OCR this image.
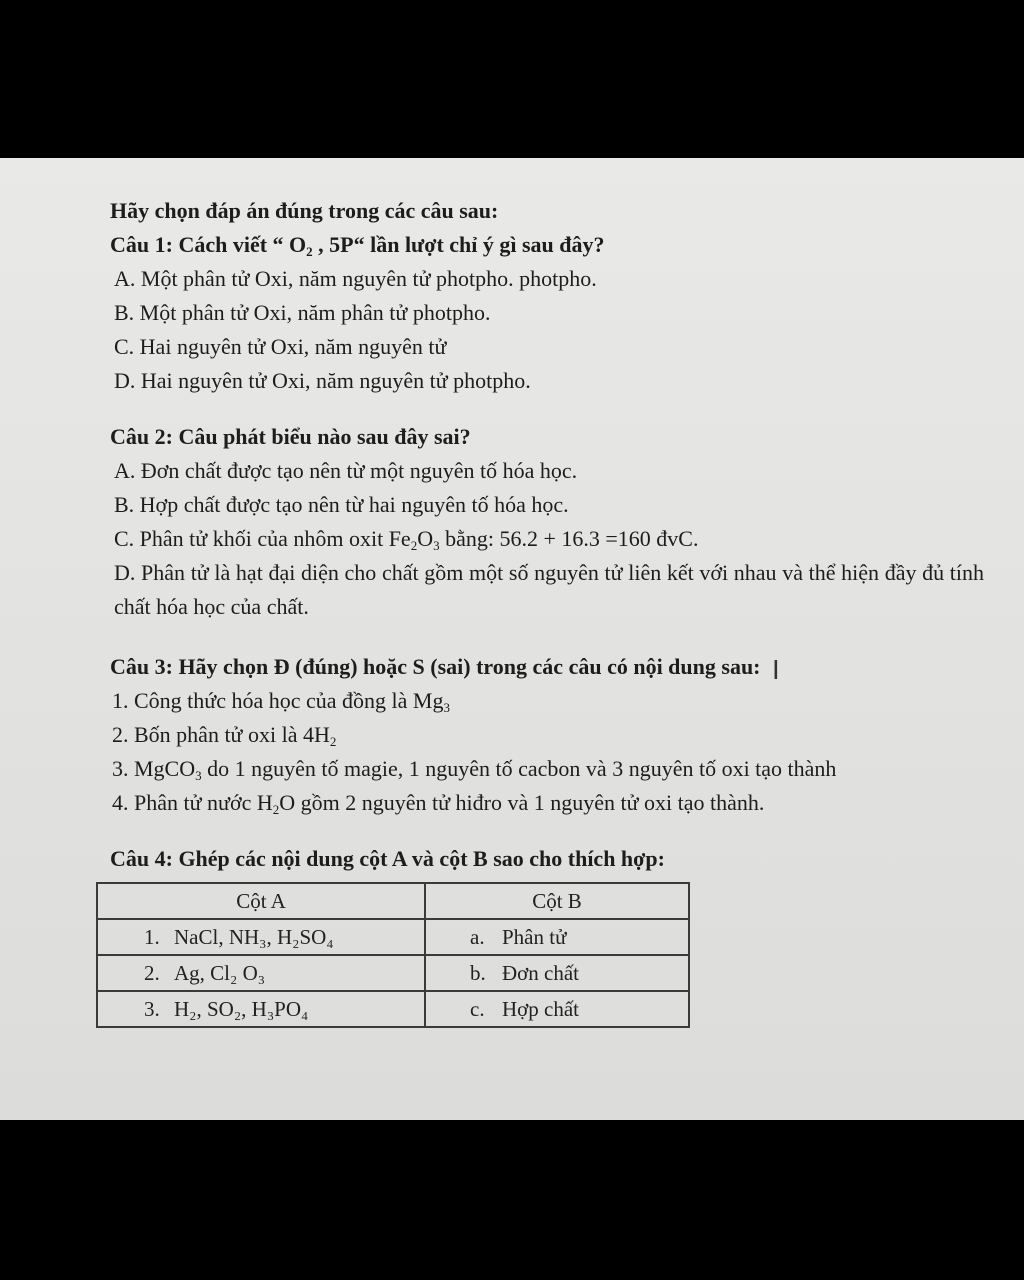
Hãy chọn đáp án đúng trong các câu sau:
Câu 1: Cách viết “ $O_2$ , 5P“ lần lượt chỉ ý gì sau đây?
A. Một phân tử Oxi, năm nguyên tử photpho. photpho.
B. Một phân tử Oxi, năm phân tử photpho.
C. Hai nguyên tử Oxi, năm nguyên tử
D. Hai nguyên tử Oxi, năm nguyên tử photpho.
Câu 2: Câu phát biểu nào sau đây sai?
A. Đơn chất được tạo nên từ một nguyên tố hóa học.
B. Hợp chất được tạo nên từ hai nguyên tố hóa học.
C. Phân tử khối của nhôm oxit $Fe_2O_3$ bằng: 56.2 + 16.3 =160 đvC.
D. Phân tử là hạt đại diện cho chất gồm một số nguyên tử liên kết với nhau và thể hiện đầy đủ tính chất hóa học của chất.
Câu 3: Hãy chọn Đ (đúng) hoặc S (sai) trong các câu có nội dung sau:
1. Công thức hóa học của đồng là $Mg_3$
2. Bốn phân tử oxi là $4H_2$
3. MgCO$_3$ do 1 nguyên tố magie, 1 nguyên tố cacbon và 3 nguyên tố oxi tạo thành
4. Phân tử nước $H_2O$ gồm 2 nguyên tử hiđro và 1 nguyên tử oxi tạo thành.
Câu 4: Ghép các nội dung cột A và cột B sao cho thích hợp:
Cột A	Cột B
1. NaCl, NH₃, H₂SO₄	a. Phân tử
2. Ag, Cl₂ O₃	b. Đơn chất
3. H₂, SO₂, H₃PO₄	c. Hợp chất
I
